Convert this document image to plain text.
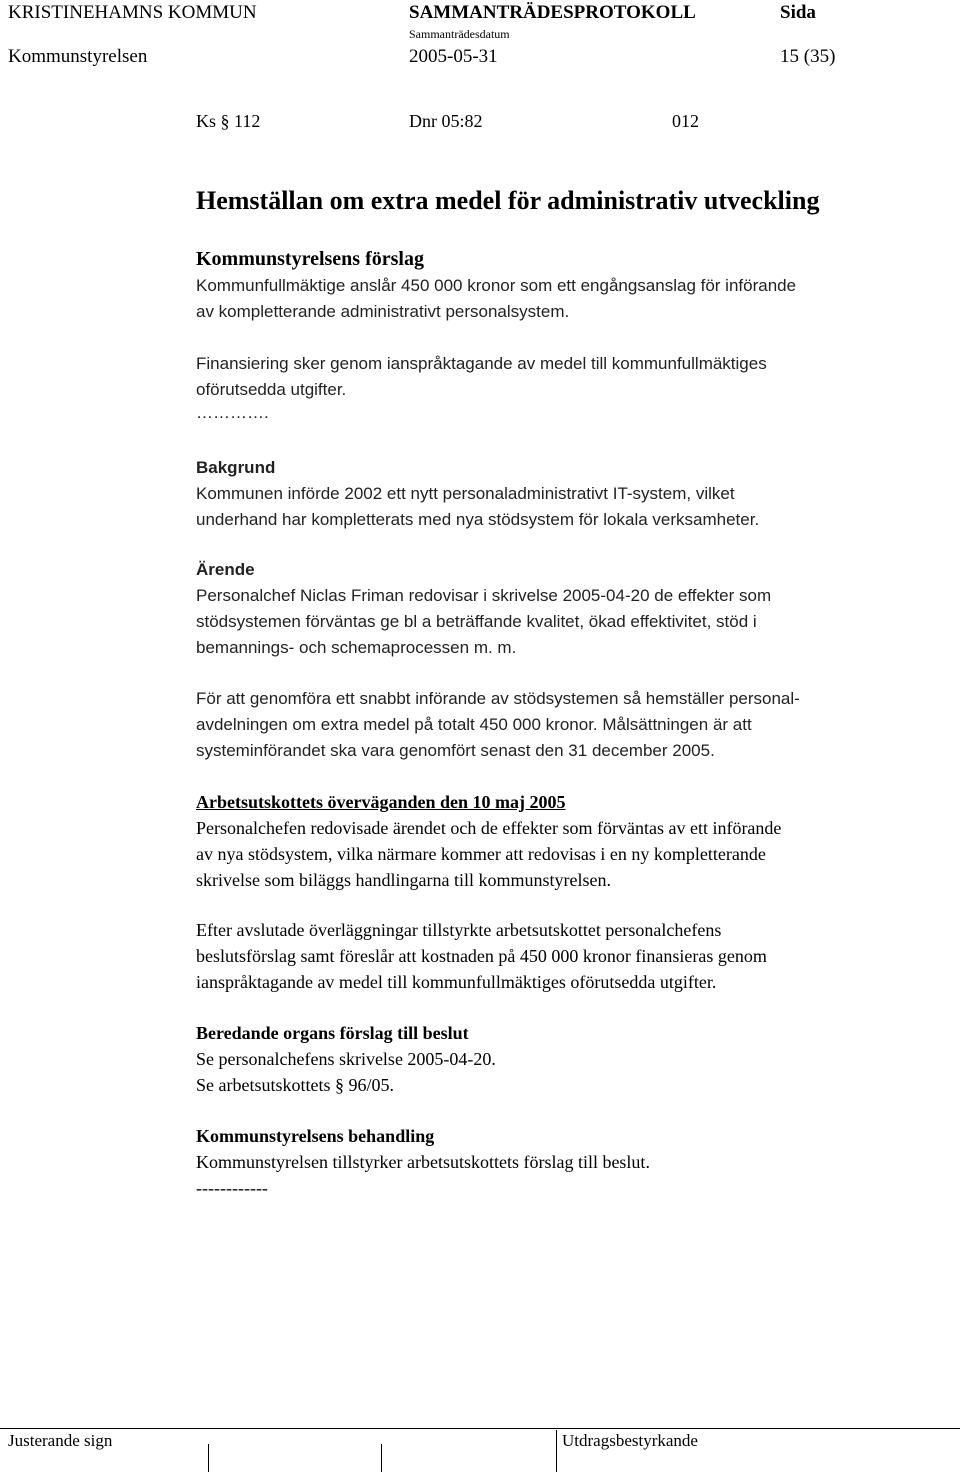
KRISTINEHAMNS KOMMUN	SAMMANTRÄDESPROTOKOLL	Sida
Sammanträdesdatum
Kommunstyrelsen	2005-05-31	15 (35)
Ks § 112	Dnr 05:82	012
Hemställan om extra medel för administrativ utveckling
Kommunstyrelsens förslag
Kommunfullmäktige anslår 450 000 kronor som ett engångsanslag för införande
av kompletterande administrativt personalsystem.
Finansiering sker genom ianspråktagande av medel till kommunfullmäktiges
oförutsedda utgifter.
………….
Bakgrund
Kommunen införde 2002 ett nytt personaladministrativt IT-system, vilket
underhand har kompletterats med nya stödsystem för lokala verksamheter.
Ärende
Personalchef Niclas Friman redovisar i skrivelse 2005-04-20 de effekter som
stödsystemen förväntas ge bl a beträffande kvalitet, ökad effektivitet, stöd i
bemannings- och schemaprocessen m. m.
För att genomföra ett snabbt införande av stödsystemen så hemställer personal-
avdelningen om extra medel på totalt 450 000 kronor. Målsättningen är att
systeminförandet ska vara genomfört senast den 31 december 2005.
Arbetsutskottets överväganden den 10 maj 2005
Personalchefen redovisade ärendet och de effekter som förväntas av ett införande
av nya stödsystem, vilka närmare kommer att redovisas i en ny kompletterande
skrivelse som biläggs handlingarna till kommunstyrelsen.
Efter avslutade överläggningar tillstyrkte arbetsutskottet personalchefens
beslutsförslag samt föreslår att kostnaden på 450 000 kronor finansieras genom
ianspråktagande av medel till kommunfullmäktiges oförutsedda utgifter.
Beredande organs förslag till beslut
Se personalchefens skrivelse 2005-04-20.
Se arbetsutskottets § 96/05.
Kommunstyrelsens behandling
Kommunstyrelsen tillstyrker arbetsutskottets förslag till beslut.
------------
Justerande sign	Utdragsbestyrkande
